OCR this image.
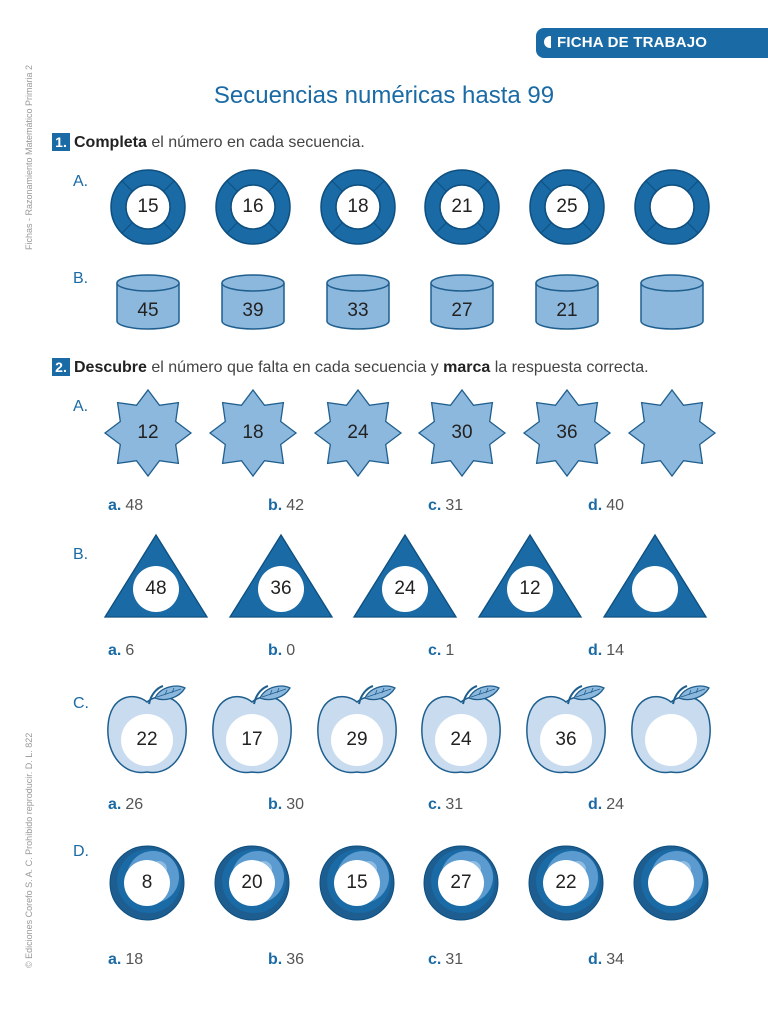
FICHA DE TRABAJO
Fichas - Razonamiento Matemático Primaria 2
© Ediciones Corefo S. A. C. Prohibido reproducir. D. L. 822
Secuencias numéricas hasta 99
1. Completa el número en cada secuencia.
2. Descubre el número que falta en cada secuencia y marca la respuesta correcta.
A.
15	16	18	21	25
B.
45	39	33	27	21
A.
12	18	24	30	36
a. 48	b. 42	c. 31	d. 40
B.
48	36	24	12
a. 6	b. 0	c. 1	d. 14
C.
22	17	29	24	36
a. 26	b. 30	c. 31	d. 24
D.
8	20	15	27	22
a. 18	b. 36	c. 31	d. 34
